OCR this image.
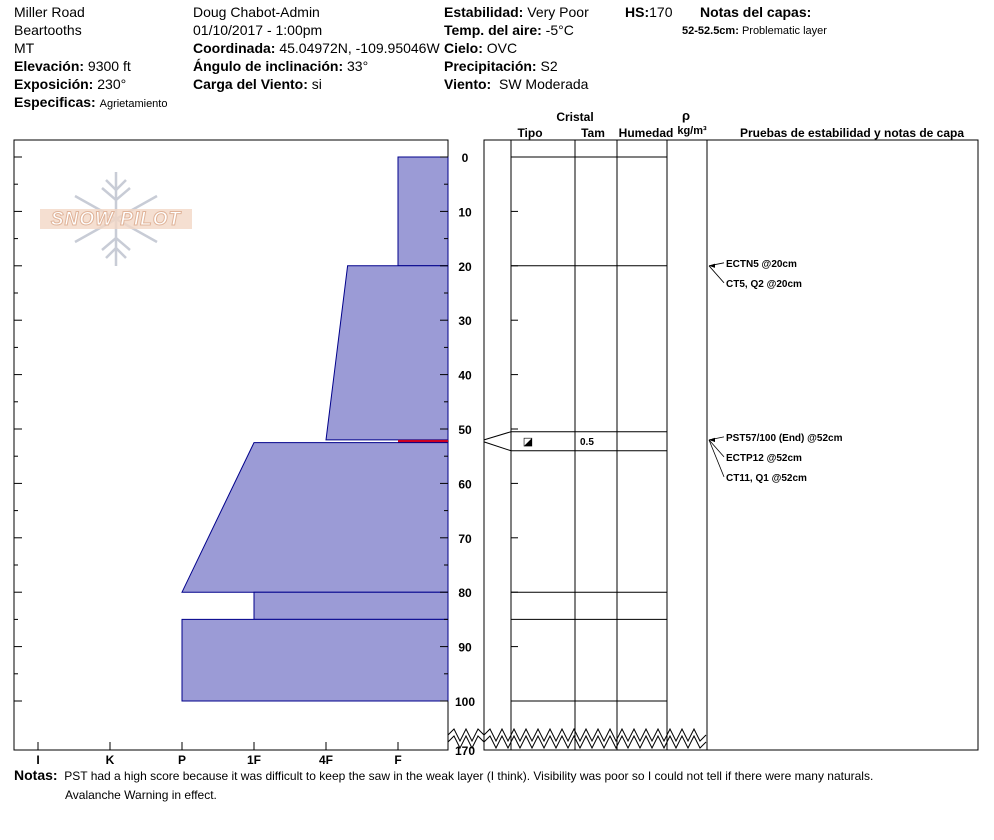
Miller Road
Beartooths
MT
Elevación: 9300 ft
Exposición: 230°
Especificas: Agrietamiento
Doug Chabot-Admin
01/10/2017 - 1:00pm
Coordinada: 45.04972N, -109.95046W
Ángulo de inclinación: 33°
Carga del Viento: si
Estabilidad: Very Poor
Temp. del aire: -5°C
Cielo: OVC
Precipitación: S2
Viento: SW Moderada
HS:170 Notas del capas:
52-52.5cm: Problematic layer
SNOW PILOT
I	K	P	1F	4F	F
0
10
20
30
40
50
60
70
80
90
100
170
Cristal
Tipo	Tam Humedad
ρ
kg/m³	Pruebas de estabilidad y notas de capa
◪	0.5
ECTN5 @20cm
CT5, Q2 @20cm
PST57/100 (End) @52cm
ECTP12 @52cm
CT11, Q1 @52cm
Notas: PST had a high score because it was difficult to keep the saw in the weak layer (I think). Visibility was poor so I could not tell if there were many naturals.
Avalanche Warning in effect.
